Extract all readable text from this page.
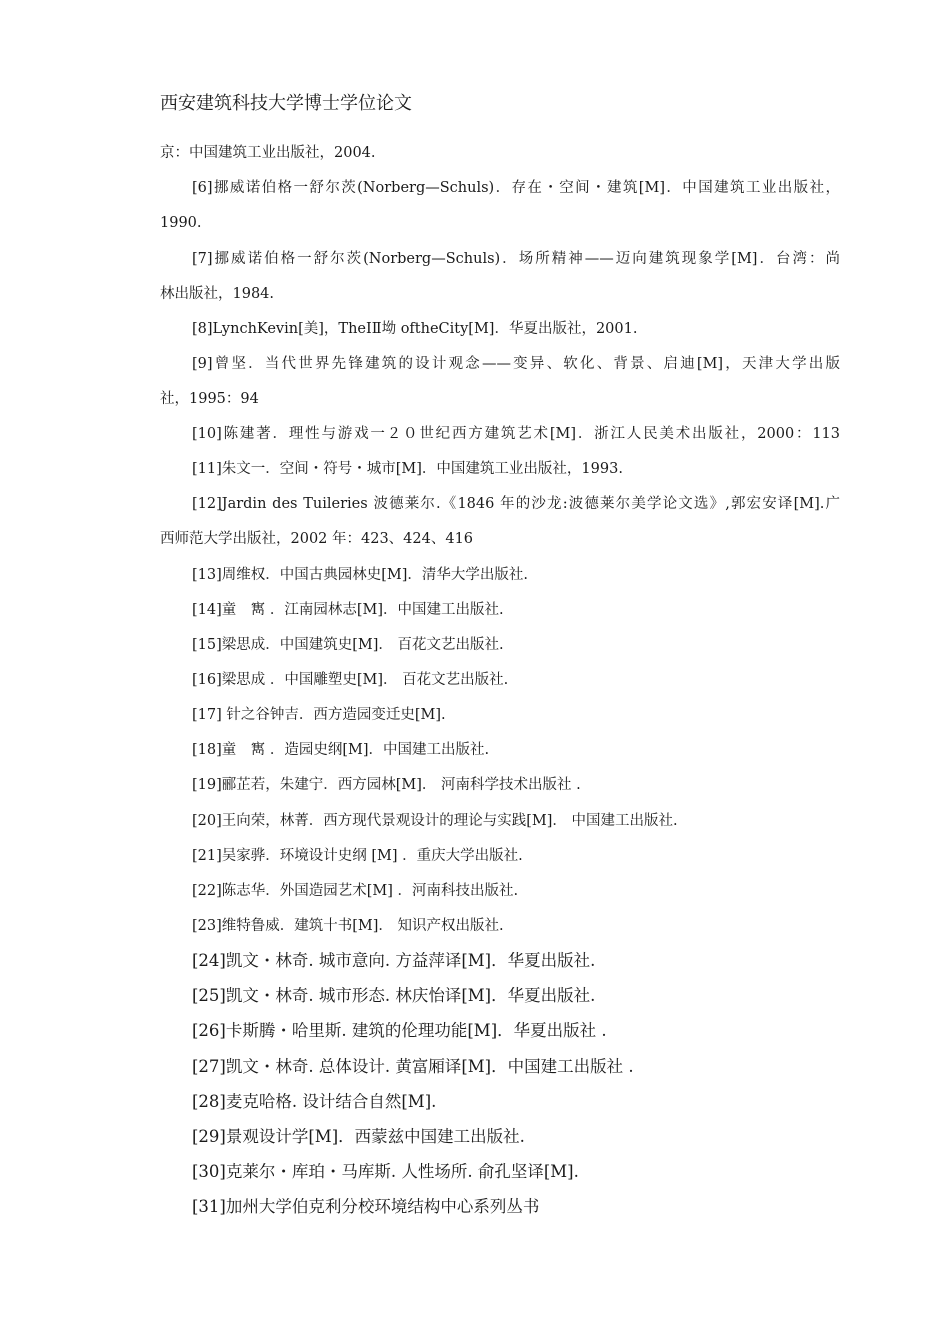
西安建筑科技大学博士学位论文
京：中国建筑工业出版社，2004.
[6]挪威诺伯格一舒尔茨(Norberg—Schuls)．存在・空间・建筑[M]．中国建筑工业出版社，
1990.
[7]挪威诺伯格一舒尔茨(Norberg—Schuls)．场所精神——迈向建筑现象学[M]．台湾：尚
林出版社，1984.
[8]LynchKevin[美]，TheIⅡ坳 oftheCity[M]．华夏出版社，2001.
[9]曾坚．当代世界先锋建筑的设计观念——变异、软化、背景、启迪[M]，天津大学出版
社，1995：94
[10]陈建著．理性与游戏一２０世纪西方建筑艺术[M]．浙江人民美术出版社，2000：113
[11]朱文一．空间・符号・城市[M]．中国建筑工业出版社，1993.
[12]Jardin des Tuileries 波德莱尔.《1846 年的沙龙:波德莱尔美学论文选》,郭宏安译[M].广
西师范大学出版社，2002 年：423、424、416
[13]周维权．中国古典园林史[M]．清华大学出版社.
[14]童　寯 ．江南园林志[M]．中国建工出版社.
[15]梁思成．中国建筑史[M]． 百花文艺出版社.
[16]梁思成 ．中国雕塑史[M]． 百花文艺出版社.
[17] 针之谷钟吉．西方造园变迁史[M].
[18]童　寯 ．造园史纲[M]．中国建工出版社.
[19]郦芷若，朱建宁．西方园林[M]． 河南科学技术出版社 .
[20]王向荣，林菁．西方现代景观设计的理论与实践[M]． 中国建工出版社.
[21]吴家骅．环境设计史纲 [M] ．重庆大学出版社.
[22]陈志华．外国造园艺术[M] ．河南科技出版社.
[23]维特鲁威．建筑十书[M]． 知识产权出版社.
[24]凯文・林奇. 城市意向. 方益萍译[M]．华夏出版社.
[25]凯文・林奇. 城市形态. 林庆怡译[M]．华夏出版社.
[26]卡斯腾・哈里斯. 建筑的伦理功能[M]．华夏出版社 .
[27]凯文・林奇. 总体设计. 黄富厢译[M]．中国建工出版社 .
[28]麦克哈格. 设计结合自然[M].
[29]景观设计学[M]．西蒙兹中国建工出版社.
[30]克莱尔・库珀・马库斯. 人性场所. 俞孔坚译[M].
[31]加州大学伯克利分校环境结构中心系列丛书
